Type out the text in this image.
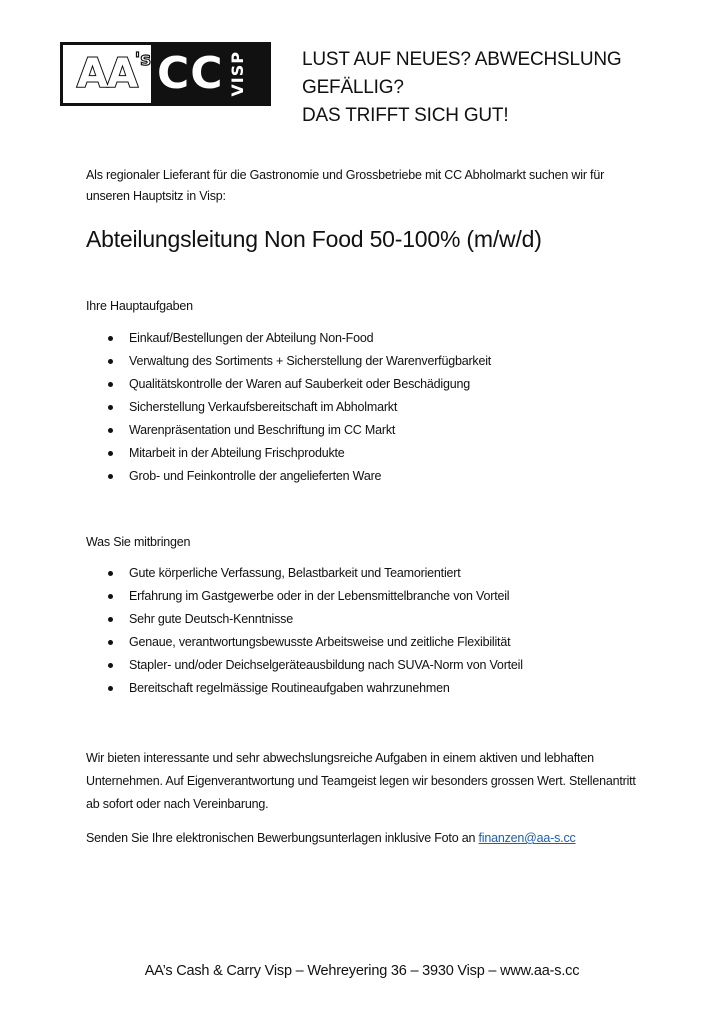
AA
's CC VISP	LUST AUF NEUES? ABWECHSLUNG
GEFÄLLIG?
DAS TRIFFT SICH GUT!
Als regionaler Lieferant für die Gastronomie und Grossbetriebe mit CC Abholmarkt suchen wir für unseren Hauptsitz in Visp:
Abteilungsleitung Non Food 50-100% (m/w/d)
Ihre Hauptaufgaben
Einkauf/Bestellungen der Abteilung Non-Food
Verwaltung des Sortiments + Sicherstellung der Warenverfügbarkeit
Qualitätskontrolle der Waren auf Sauberkeit oder Beschädigung
Sicherstellung Verkaufsbereitschaft im Abholmarkt
Warenpräsentation und Beschriftung im CC Markt
Mitarbeit in der Abteilung Frischprodukte
Grob- und Feinkontrolle der angelieferten Ware
Was Sie mitbringen
Gute körperliche Verfassung, Belastbarkeit und Teamorientiert
Erfahrung im Gastgewerbe oder in der Lebensmittelbranche von Vorteil
Sehr gute Deutsch-Kenntnisse
Genaue, verantwortungsbewusste Arbeitsweise und zeitliche Flexibilität
Stapler- und/oder Deichselgeräteausbildung nach SUVA-Norm von Vorteil
Bereitschaft regelmässige Routineaufgaben wahrzunehmen
Wir bieten interessante und sehr abwechslungsreiche Aufgaben in einem aktiven und lebhaften Unternehmen. Auf Eigenverantwortung und Teamgeist legen wir besonders grossen Wert. Stellenantritt ab sofort oder nach Vereinbarung.
Senden Sie Ihre elektronischen Bewerbungsunterlagen inklusive Foto an finanzen@aa-s.cc
AA’s Cash & Carry Visp – Wehreyering 36 – 3930 Visp – www.aa-s.cc
